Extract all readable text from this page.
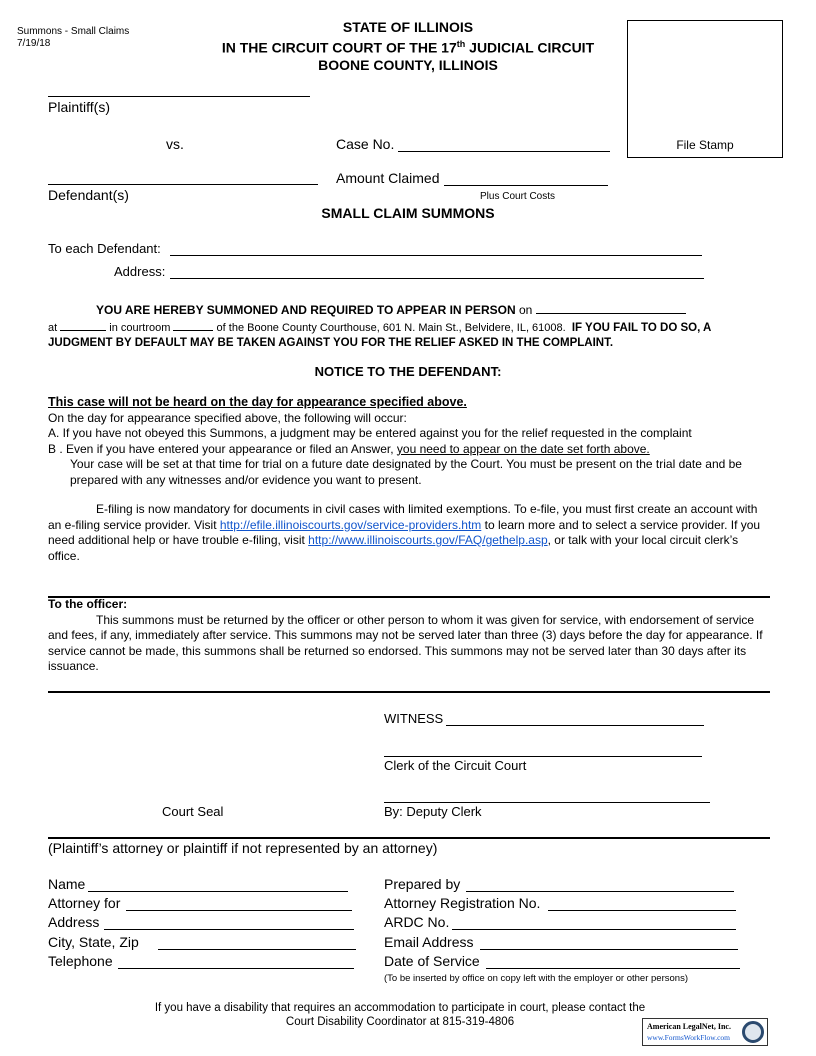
Summons - Small Claims
7/19/18
STATE OF ILLINOIS
IN THE CIRCUIT COURT OF THE 17th JUDICIAL CIRCUIT
BOONE COUNTY, ILLINOIS
File Stamp
Plaintiff(s)
vs.	Case No.
Amount Claimed
Defendant(s)	Plus Court Costs
SMALL CLAIM SUMMONS
To each Defendant:
Address:
YOU ARE HEREBY SUMMONED AND REQUIRED TO APPEAR IN PERSON on
at	in courtroom	of the Boone County Courthouse, 601 N. Main St., Belvidere, IL, 61008. IF YOU FAIL TO DO SO, A JUDGMENT BY DEFAULT MAY BE TAKEN AGAINST YOU FOR THE RELIEF ASKED IN THE COMPLAINT.
NOTICE TO THE DEFENDANT:
This case will not be heard on the day for appearance specified above.
On the day for appearance specified above, the following will occur:
A. If you have not obeyed this Summons, a judgment may be entered against you for the relief requested in the complaint
B . Even if you have entered your appearance or filed an Answer, you need to appear on the date set forth above.
Your case will be set at that time for trial on a future date designated by the Court. You must be present on the trial date and be prepared with any witnesses and/or evidence you want to present.
E-filing is now mandatory for documents in civil cases with limited exemptions. To e-file, you must first create an account with an e-filing service provider. Visit http://efile.illinoiscourts.gov/service-providers.htm to learn more and to select a service provider. If you need additional help or have trouble e-filing, visit http://www.illinoiscourts.gov/FAQ/gethelp.asp, or talk with your local circuit clerk’s office.
To the officer:
This summons must be returned by the officer or other person to whom it was given for service, with endorsement of service and fees, if any, immediately after service. This summons may not be served later than three (3) days before the day for appearance. If service cannot be made, this summons shall be returned so endorsed. This summons may not be served later than 30 days after its issuance.
WITNESS
Clerk of the Circuit Court
Court Seal	By: Deputy Clerk
(Plaintiff’s attorney or plaintiff if not represented by an attorney)
Name
Attorney for
Address
City, State, Zip
Telephone
Prepared by
Attorney Registration No.
ARDC No.
Email Address
Date of Service
(To be inserted by office on copy left with the employer or other persons)
If you have a disability that requires an accommodation to participate in court, please contact the
Court Disability Coordinator at 815-319-4806	American LegalNet, Inc.
www.FormsWorkFlow.com
